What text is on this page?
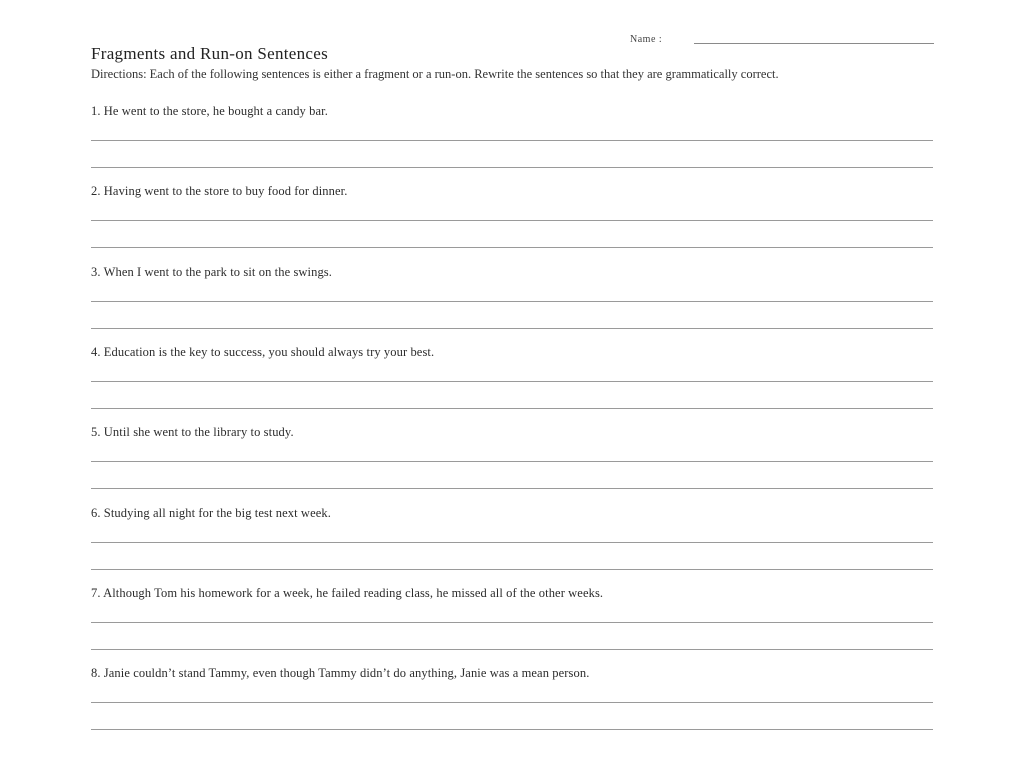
Name :
Fragments and Run-on Sentences
Directions: Each of the following sentences is either a fragment or a run-on. Rewrite the sentences so that they are grammatically correct.
1. He went to the store, he bought a candy bar.
2. Having went to the store to buy food for dinner.
3. When I went to the park to sit on the swings.
4. Education is the key to success, you should always try your best.
5. Until she went to the library to study.
6. Studying all night for the big test next week.
7. Although Tom his homework for a week, he failed reading class, he missed all of the other weeks.
8. Janie couldn’t stand Tammy, even though Tammy didn’t do anything, Janie was a mean person.
